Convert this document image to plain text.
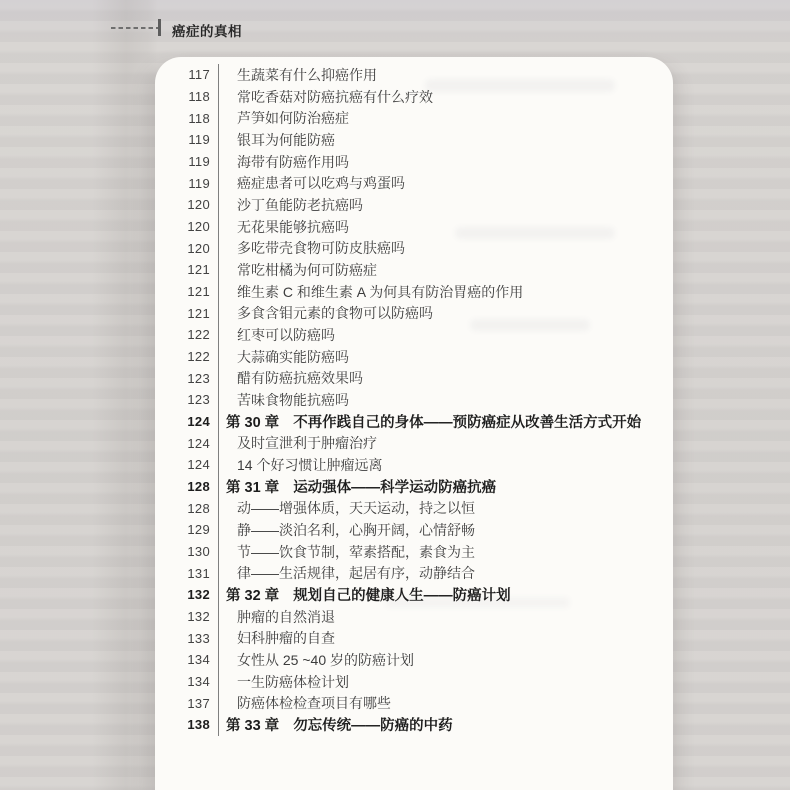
癌症的真相
117	生蔬菜有什么抑癌作用
118	常吃香菇对防癌抗癌有什么疗效
118	芦笋如何防治癌症
119	银耳为何能防癌
119	海带有防癌作用吗
119	癌症患者可以吃鸡与鸡蛋吗
120	沙丁鱼能防老抗癌吗
120	无花果能够抗癌吗
120	多吃带壳食物可防皮肤癌吗
121	常吃柑橘为何可防癌症
121	维生素 C 和维生素 A 为何具有防治胃癌的作用
121	多食含钼元素的食物可以防癌吗
122	红枣可以防癌吗
122	大蒜确实能防癌吗
123	醋有防癌抗癌效果吗
123	苦味食物能抗癌吗
124	第 30 章 不再作践自己的身体——预防癌症从改善生活方式开始
124	及时宣泄利于肿瘤治疗
124	14 个好习惯让肿瘤远离
128	第 31 章 运动强体——科学运动防癌抗癌
128	动——增强体质，天天运动，持之以恒
129	静——淡泊名利，心胸开阔，心情舒畅
130	节——饮食节制，荤素搭配，素食为主
131	律——生活规律，起居有序，动静结合
132	第 32 章 规划自己的健康人生——防癌计划
132	肿瘤的自然消退
133	妇科肿瘤的自查
134	女性从 25 ~40 岁的防癌计划
134	一生防癌体检计划
137	防癌体检检查项目有哪些
138	第 33 章 勿忘传统——防癌的中药
